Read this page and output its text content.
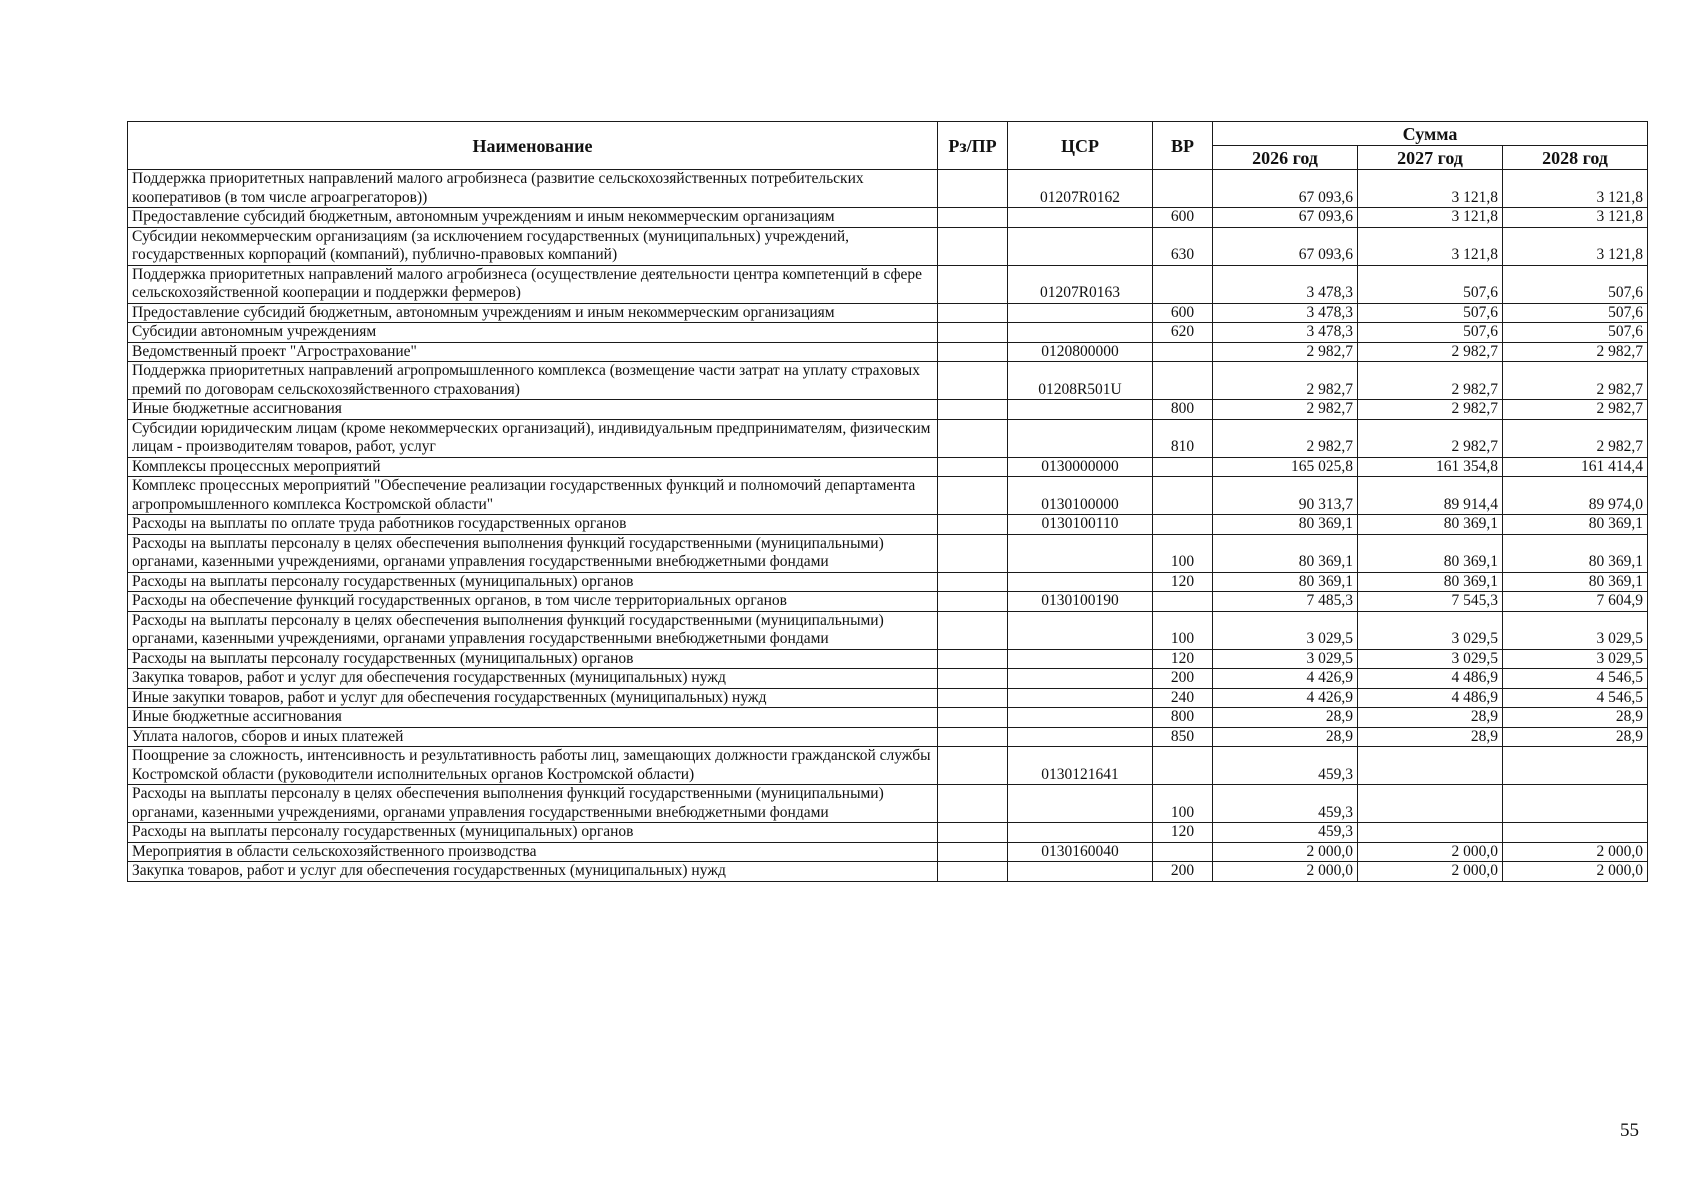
Наименование	Рз/ПР	ЦСР	ВР	Сумма		
				2026 год	2027 год	2028 год
Поддержка приоритетных направлений малого агробизнеса (развитие сельскохозяйственных потребительских кооперативов (в том числе агроагрегаторов))		01207R0162		67 093,6	3 121,8	3 121,8
Предоставление субсидий бюджетным, автономным учреждениям и иным некоммерческим организациям			600	67 093,6	3 121,8	3 121,8
Субсидии некоммерческим организациям (за исключением государственных (муниципальных) учреждений, государственных корпораций (компаний), публично-правовых компаний)			630	67 093,6	3 121,8	3 121,8
Поддержка приоритетных направлений малого агробизнеса (осуществление деятельности центра компетенций в сфере сельскохозяйственной кооперации и поддержки фермеров)		01207R0163		3 478,3	507,6	507,6
Предоставление субсидий бюджетным, автономным учреждениям и иным некоммерческим организациям			600	3 478,3	507,6	507,6
Субсидии автономным учреждениям			620	3 478,3	507,6	507,6
Ведомственный проект "Агрострахование"		0120800000		2 982,7	2 982,7	2 982,7
Поддержка приоритетных направлений агропромышленного комплекса (возмещение части затрат на уплату страховых премий по договорам сельскохозяйственного страхования)		01208R501U		2 982,7	2 982,7	2 982,7
Иные бюджетные ассигнования			800	2 982,7	2 982,7	2 982,7
Субсидии юридическим лицам (кроме некоммерческих организаций), индивидуальным предпринимателям, физическим лицам - производителям товаров, работ, услуг			810	2 982,7	2 982,7	2 982,7
Комплексы процессных мероприятий		0130000000		165 025,8	161 354,8	161 414,4
Комплекс процессных мероприятий "Обеспечение реализации государственных функций и полномочий департамента агропромышленного комплекса Костромской области"		0130100000		90 313,7	89 914,4	89 974,0
Расходы на выплаты по оплате труда работников государственных органов		0130100110		80 369,1	80 369,1	80 369,1
Расходы на выплаты персоналу в целях обеспечения выполнения функций государственными (муниципальными) органами, казенными учреждениями, органами управления государственными внебюджетными фондами			100	80 369,1	80 369,1	80 369,1
Расходы на выплаты персоналу государственных (муниципальных) органов			120	80 369,1	80 369,1	80 369,1
Расходы на обеспечение функций государственных органов, в том числе территориальных органов		0130100190		7 485,3	7 545,3	7 604,9
Расходы на выплаты персоналу в целях обеспечения выполнения функций государственными (муниципальными) органами, казенными учреждениями, органами управления государственными внебюджетными фондами			100	3 029,5	3 029,5	3 029,5
Расходы на выплаты персоналу государственных (муниципальных) органов			120	3 029,5	3 029,5	3 029,5
Закупка товаров, работ и услуг для обеспечения государственных (муниципальных) нужд			200	4 426,9	4 486,9	4 546,5
Иные закупки товаров, работ и услуг для обеспечения государственных (муниципальных) нужд			240	4 426,9	4 486,9	4 546,5
Иные бюджетные ассигнования			800	28,9	28,9	28,9
Уплата налогов, сборов и иных платежей			850	28,9	28,9	28,9
Поощрение за сложность, интенсивность и результативность работы лиц, замещающих должности гражданской службы Костромской области (руководители исполнительных органов Костромской области)		0130121641		459,3		
Расходы на выплаты персоналу в целях обеспечения выполнения функций государственными (муниципальными) органами, казенными учреждениями, органами управления государственными внебюджетными фондами			100	459,3		
Расходы на выплаты персоналу государственных (муниципальных) органов			120	459,3		
Мероприятия в области сельскохозяйственного производства		0130160040		2 000,0	2 000,0	2 000,0
Закупка товаров, работ и услуг для обеспечения государственных (муниципальных) нужд			200	2 000,0	2 000,0	2 000,0
55
